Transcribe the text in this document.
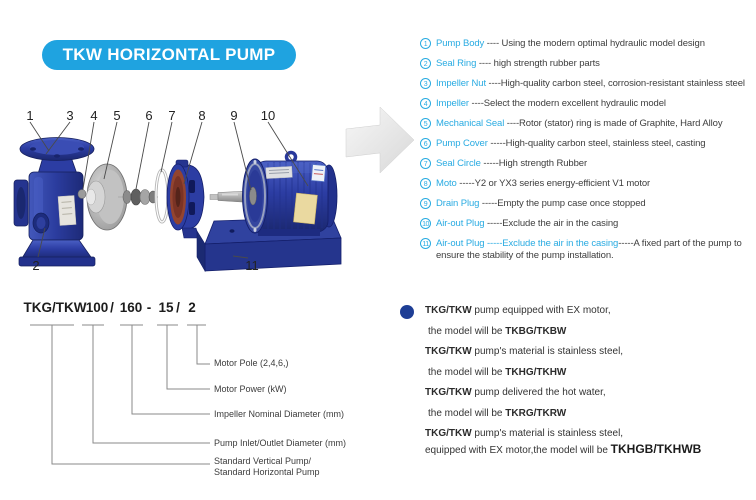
TKW HORIZONTAL PUMP
1	3 4 5 6 7 8 9 10
2	11
1 Pump Body ---- Using the modern optimal hydraulic model design
2 Seal Ring ---- high strength rubber parts
3 Impeller Nut ----High-quality carbon steel, corrosion-resistant stainless steel
4 Impeller ----Select the modern excellent hydraulic model
5 Mechanical Seal ----Rotor (stator) ring is made of Graphite, Hard Alloy
6 Pump Cover -----High-quality carbon steel, stainless steel, casting
7 Seal Circle -----High strength Rubber
8 Moto -----Y2 or YX3 series energy-efficient V1 motor
9 Drain Plug -----Empty the pump case once stopped
10 Air-out Plug -----Exclude the air in the casing
11 Air-out Plug -----Exclude the air in the casing-----A fixed part of the pump to ensure the stability of the pump installation.
TKG/TKW 100 / 160 - 15 / 2
Motor Pole (2,4,6,)
Motor Power (kW)
Impeller Nominal Diameter (mm)
Pump Inlet/Outlet Diameter (mm)
Standard Vertical Pump/
Standard Horizontal Pump
TKG/TKW pump equipped with EX motor,
the model will be TKBG/TKBW
TKG/TKW pump's material is stainless steel,
the model will be TKHG/TKHW
TKG/TKW pump delivered the hot water,
the model will be TKRG/TKRW
TKG/TKW pump's material is stainless steel,
equipped with EX motor,the model will be TKHGB/TKHWB
